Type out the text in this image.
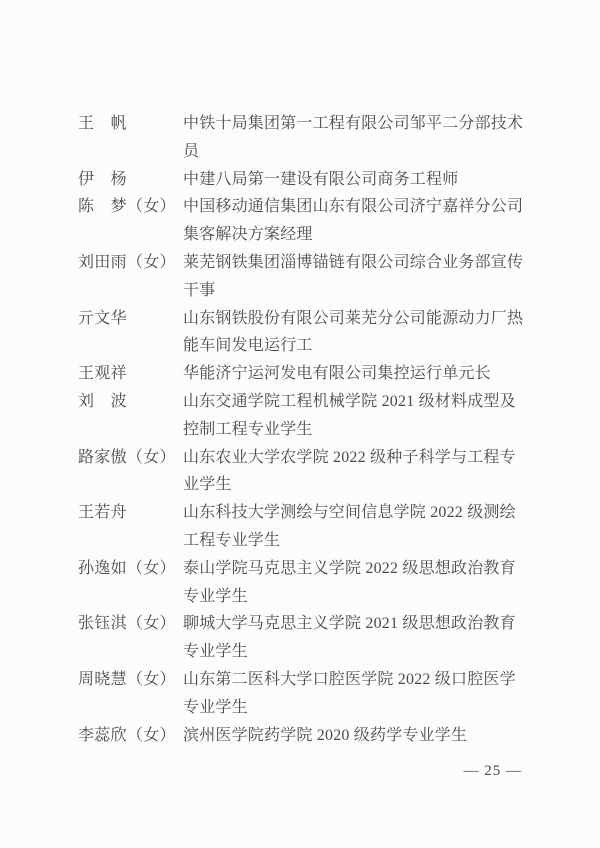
王　帆	中铁十局集团第一工程有限公司邹平二分部技术
员
伊　杨	中建八局第一建设有限公司商务工程师
陈　梦（女） 中国移动通信集团山东有限公司济宁嘉祥分公司
集客解决方案经理
刘田雨（女） 莱芜钢铁集团淄博锚链有限公司综合业务部宣传
干事
亓文华	山东钢铁股份有限公司莱芜分公司能源动力厂热
能车间发电运行工
王观祥	华能济宁运河发电有限公司集控运行单元长
刘　波	山东交通学院工程机械学院 2021 级材料成型及
控制工程专业学生
路家傲（女） 山东农业大学农学院 2022 级种子科学与工程专
业学生
王若舟	山东科技大学测绘与空间信息学院 2022 级测绘
工程专业学生
孙逸如（女） 泰山学院马克思主义学院 2022 级思想政治教育
专业学生
张钰淇（女） 聊城大学马克思主义学院 2021 级思想政治教育
专业学生
周晓慧（女） 山东第二医科大学口腔医学院 2022 级口腔医学
专业学生
李蕊欣（女） 滨州医学院药学院 2020 级药学专业学生
— 25 —
